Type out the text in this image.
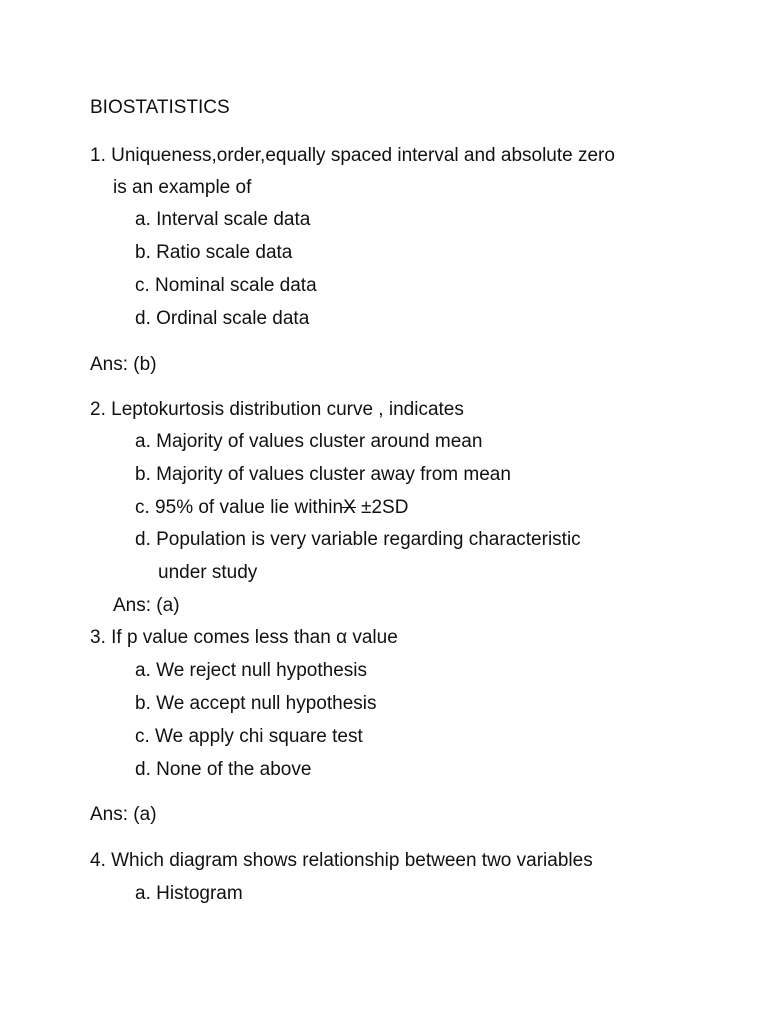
BIOSTATISTICS
1. Uniqueness,order,equally spaced interval and absolute zero
is an example of
a. Interval scale data
b. Ratio scale data
c. Nominal scale data
d. Ordinal scale data
Ans: (b)
2. Leptokurtosis distribution curve , indicates
a. Majority of values cluster around mean
b. Majority of values cluster away from mean
c. 95% of value lie withinX ±2SD
d. Population is very variable regarding characteristic
under study
Ans: (a)
3. If p value comes less than α value
a. We reject null hypothesis
b. We accept null hypothesis
c. We apply chi square test
d. None of the above
Ans: (a)
4. Which diagram shows relationship between two variables
a. Histogram
